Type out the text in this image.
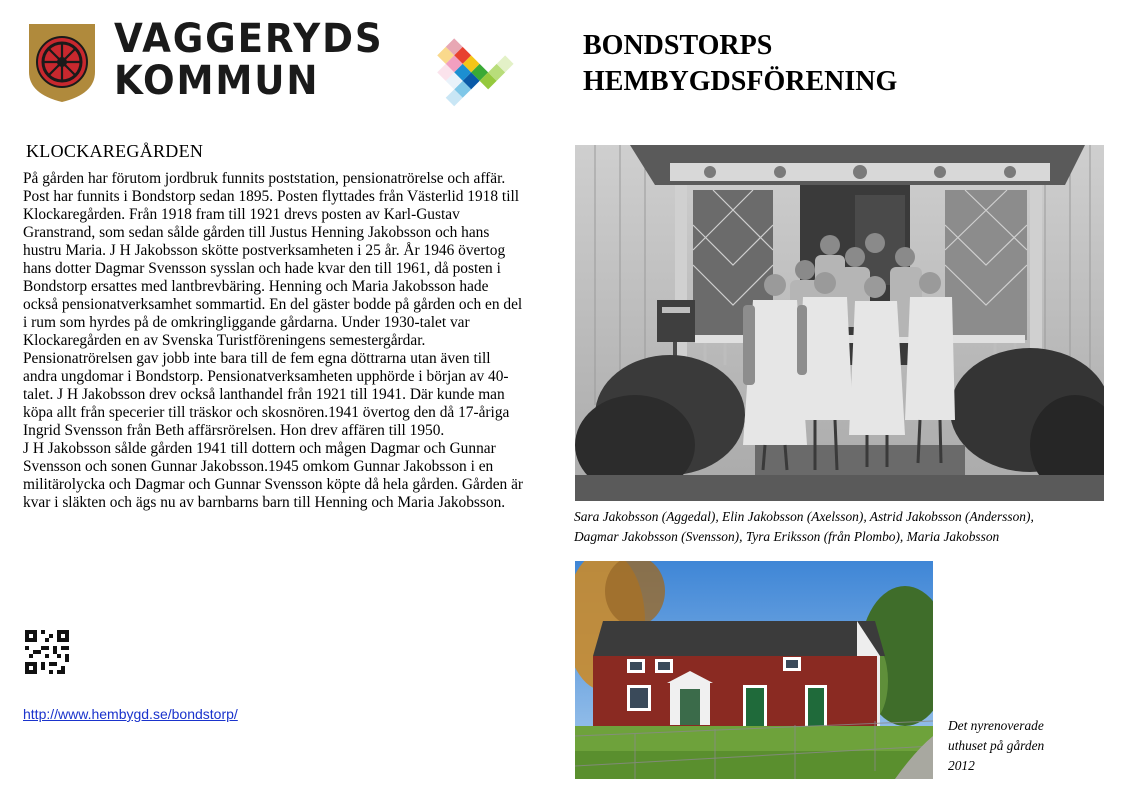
VAGGERYDS
KOMMUN
BONDSTORPS
HEMBYGDSFÖRENING
KLOCKAREGÅRDEN

På gården har förutom jordbruk funnits poststation, pensionatrörelse och affär.

Post har funnits i Bondstorp sedan 1895. Posten flyttades från Västerlid 1918 till

Klockaregården. Från 1918 fram till 1921 drevs posten av Karl-Gustav

Granstrand, som sedan sålde gården till Justus Henning Jakobsson och hans

hustru Maria. J H Jakobsson skötte postverksamheten i 25 år. År 1946 övertog

hans dotter Dagmar Svensson sysslan och hade kvar den till 1961, då posten i

Bondstorp ersattes med lantbrevbäring. Henning och Maria Jakobsson hade

också pensionatverksamhet sommartid. En del gäster bodde på gården och en del

i rum som hyrdes på de omkringliggande gårdarna. Under 1930-talet var

Klockaregården en av Svenska Turistföreningens semestergårdar.

Pensionatrörelsen gav jobb inte bara till de fem egna döttrarna utan även till

andra ungdomar i Bondstorp. Pensionatverksamheten upphörde i början av 40-

talet. J H Jakobsson drev också lanthandel från 1921 till 1941. Där kunde man

köpa allt från specerier till träskor och skosnören.1941 övertog den då 17-åriga

Ingrid Svensson från Beth affärsrörelsen. Hon drev affären till 1950.

J H Jakobsson sålde gården 1941 till dottern och mågen Dagmar och Gunnar

Svensson och sonen Gunnar Jakobsson.1945 omkom Gunnar Jakobsson i en

militärolycka och Dagmar och Gunnar Svensson köpte då hela gården. Gården är

kvar i släkten och ägs nu av barnbarns barn till Henning och Maria Jakobsson.

http://www.hembygd.se/bondstorp/
Sara Jakobsson (Aggedal), Elin Jakobsson (Axelsson), Astrid Jakobsson (Andersson),
Dagmar Jakobsson (Svensson), Tyra Eriksson (från Plombo), Maria Jakobsson
Det nyrenoverade
uthuset på gården
2012
